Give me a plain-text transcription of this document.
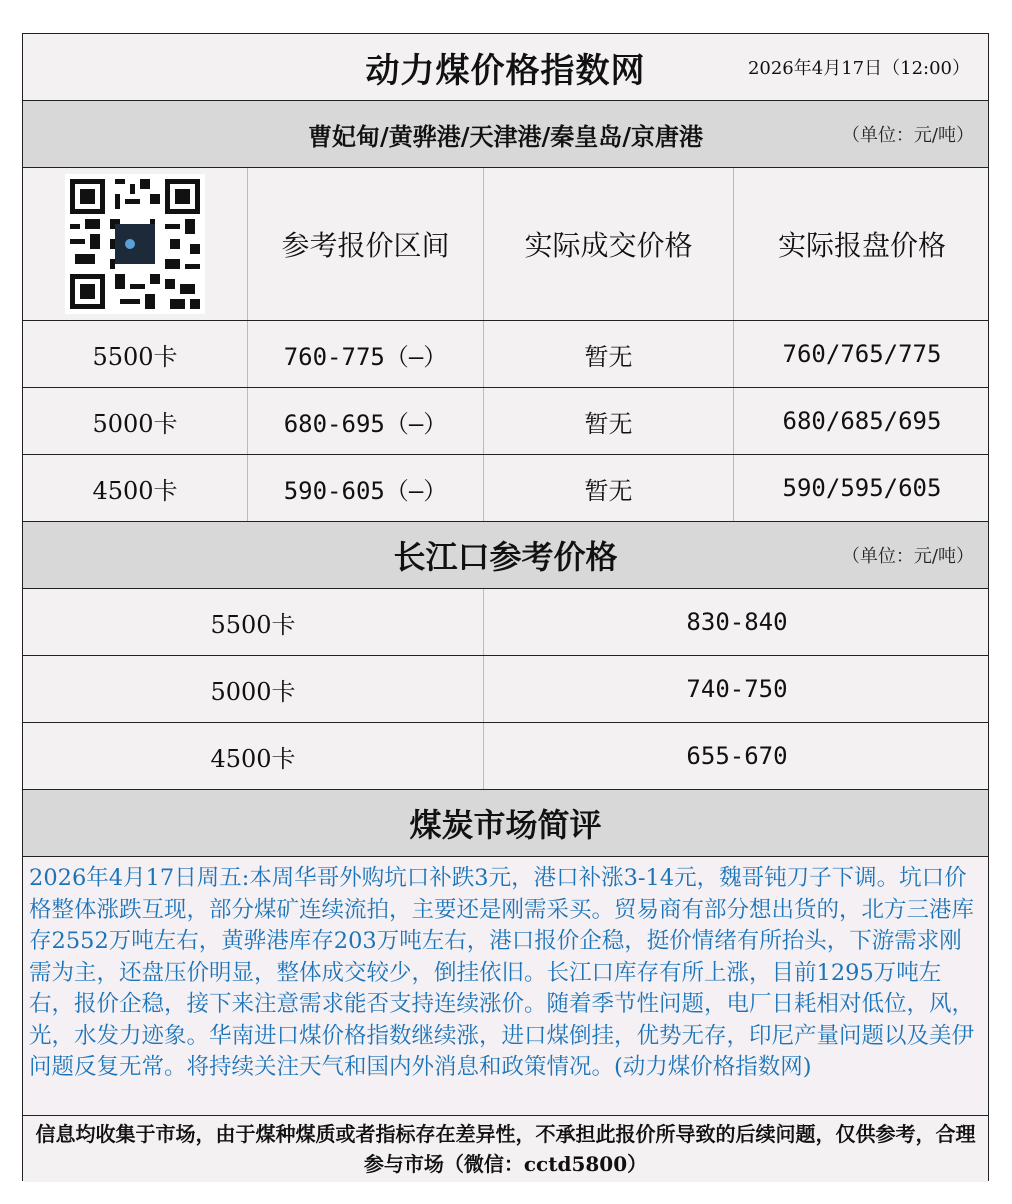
动力煤价格指数网	2026年4月17日（12:00）
曹妃甸/黄骅港/天津港/秦皇岛/京唐港	（单位：元/吨）
参考报价区间	实际成交价格	实际报盘价格
5500卡	760-775（—）	暂无	760/765/775
5000卡	680-695（—）	暂无	680/685/695
4500卡	590-605（—）	暂无	590/595/605
长江口参考价格	（单位：元/吨）
5500卡	830-840
5000卡	740-750
4500卡	655-670
煤炭市场简评
2026年4月17日周五:本周华哥外购坑口补跌3元，港口补涨3-14元，魏哥钝刀子下调。坑口价格整体涨跌互现，部分煤矿连续流拍，主要还是刚需采买。贸易商有部分想出货的，北方三港库存2552万吨左右，黄骅港库存203万吨左右，港口报价企稳，挺价情绪有所抬头，下游需求刚需为主，还盘压价明显，整体成交较少，倒挂依旧。长江口库存有所上涨，目前1295万吨左右，报价企稳，接下来注意需求能否支持连续涨价。随着季节性问题，电厂日耗相对低位，风，光，水发力迹象。华南进口煤价格指数继续涨，进口煤倒挂，优势无存，印尼产量问题以及美伊问题反复无常。将持续关注天气和国内外消息和政策情况。(动力煤价格指数网)
信息均收集于市场，由于煤种煤质或者指标存在差异性，不承担此报价所导致的后续问题，仅供参考，合理参与市场（微信：cctd5800）
